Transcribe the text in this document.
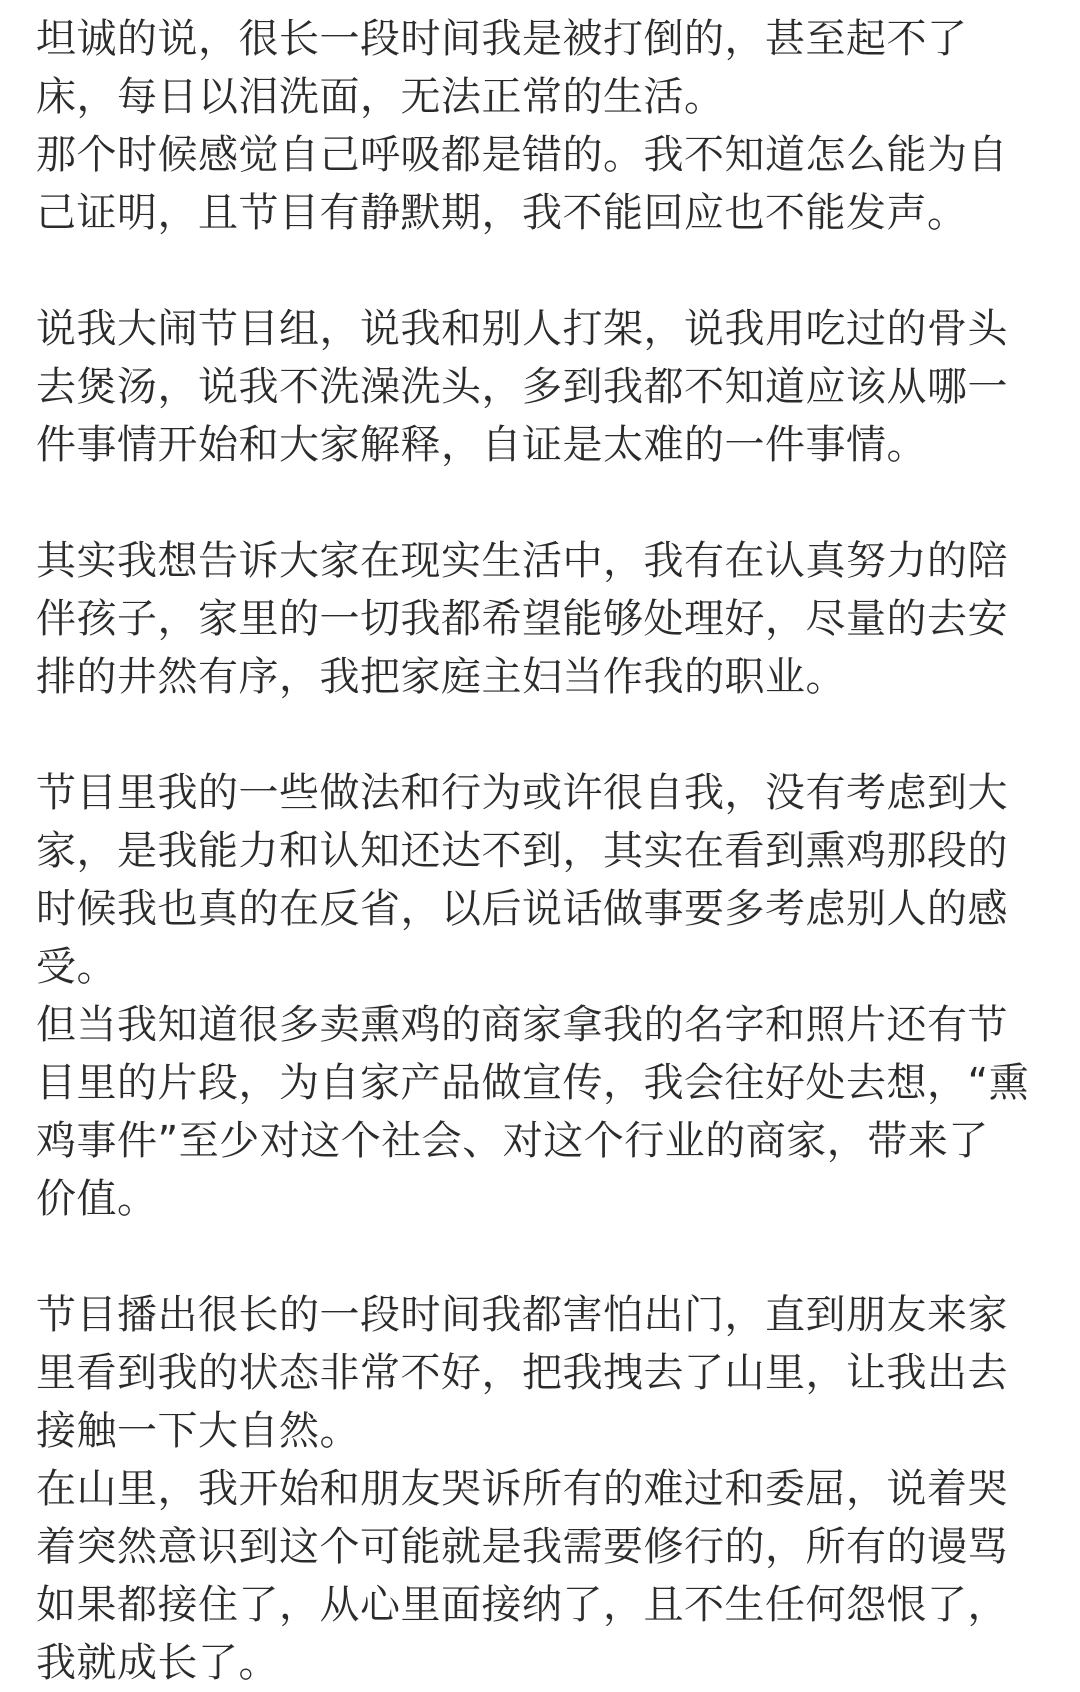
坦诚的说，很长一段时间我是被打倒的，甚至起不了
床，每日以泪洗面，无法正常的生活。
那个时候感觉自己呼吸都是错的。我不知道怎么能为自
己证明，且节目有静默期，我不能回应也不能发声。
说我大闹节目组，说我和别人打架，说我用吃过的骨头
去煲汤，说我不洗澡洗头，多到我都不知道应该从哪一
件事情开始和大家解释，自证是太难的一件事情。
其实我想告诉大家在现实生活中，我有在认真努力的陪
伴孩子，家里的一切我都希望能够处理好，尽量的去安
排的井然有序，我把家庭主妇当作我的职业。
节目里我的一些做法和行为或许很自我，没有考虑到大
家，是我能力和认知还达不到，其实在看到熏鸡那段的
时候我也真的在反省，以后说话做事要多考虑别人的感
受。
但当我知道很多卖熏鸡的商家拿我的名字和照片还有节
目里的片段，为自家产品做宣传，我会往好处去想，“熏
鸡事件”至少对这个社会、对这个行业的商家，带来了
价值。
节目播出很长的一段时间我都害怕出门，直到朋友来家
里看到我的状态非常不好，把我拽去了山里，让我出去
接触一下大自然。
在山里，我开始和朋友哭诉所有的难过和委屈，说着哭
着突然意识到这个可能就是我需要修行的，所有的谩骂
如果都接住了，从心里面接纳了，且不生任何怨恨了，
我就成长了。
